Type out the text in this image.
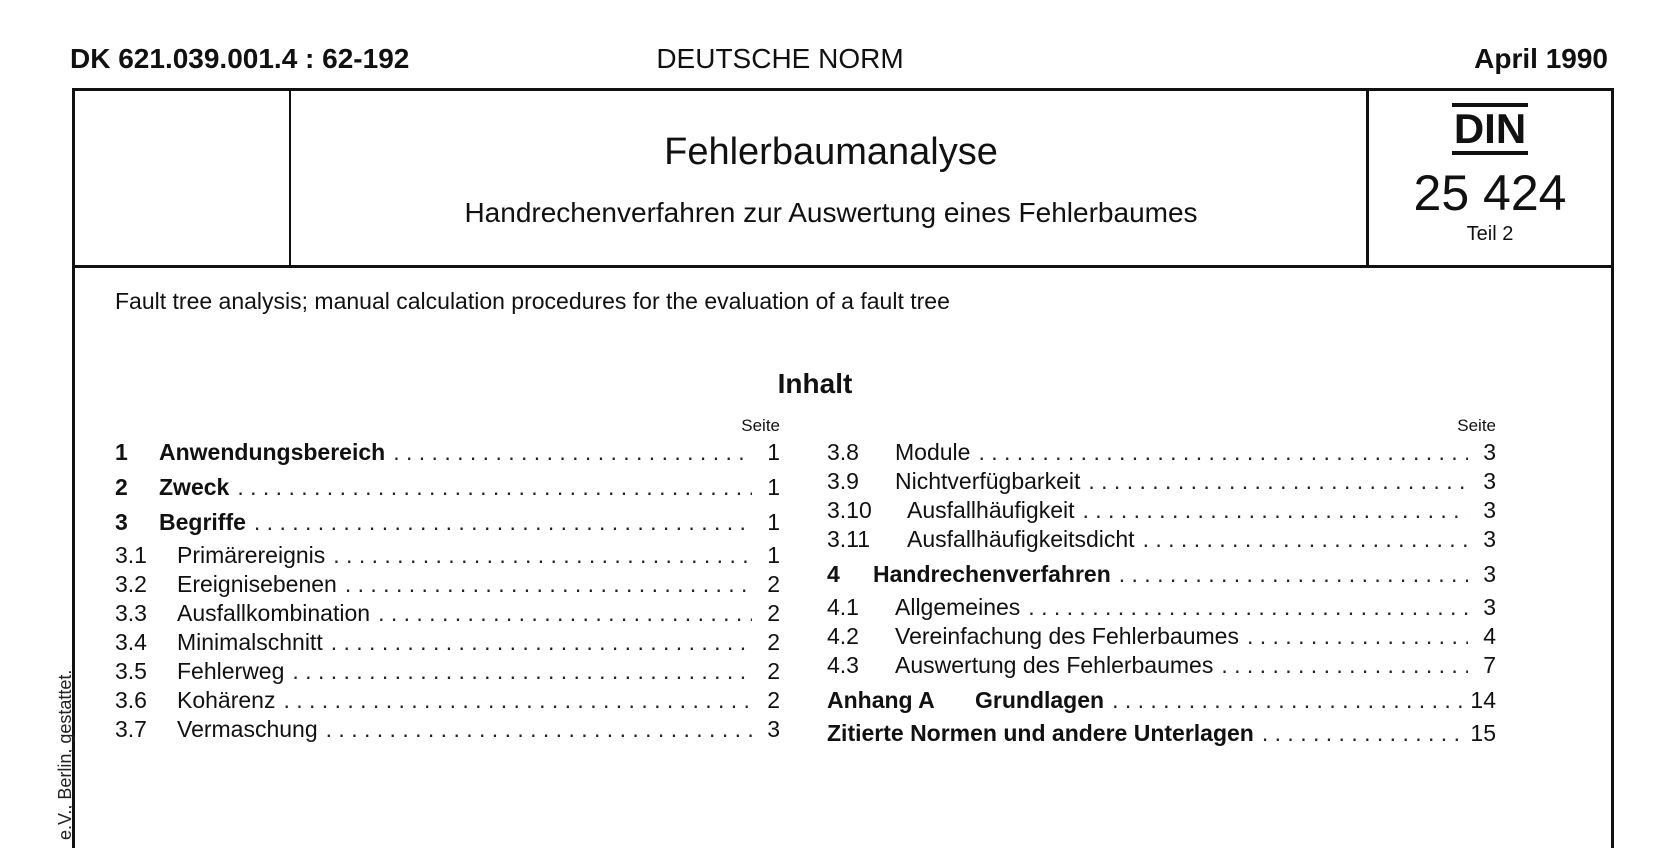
DK 621.039.001.4 : 62-192	DEUTSCHE NORM	April 1990
Fehlerbaumanalyse
Handrechenverfahren zur Auswertung eines Fehlerbaumes
DIN
25 424
Teil 2
Fault tree analysis; manual calculation procedures for the evaluation of a fault tree
Inhalt
Seite
1	Anwendungsbereich . . .	1
2	Zweck . . .	1
3	Begriffe . . .	1
3.1	Primärereignis . . .	1
3.2	Ereignisebenen . . .	2
3.3	Ausfallkombination . . .	2
3.4	Minimalschnitt . . .	2
3.5	Fehlerweg . . .	2
3.6	Kohärenz . . .	2
3.7	Vermaschung . . .	3
Seite
3.8	Module . . .	3
3.9	Nichtverfügbarkeit . . .	3
3.10	Ausfallhäufigkeit . . .	3
3.11	Ausfallhäufigkeitsdicht . . .	3
4	Handrechenverfahren . . .	3
4.1	Allgemeines . . .	3
4.2	Vereinfachung des Fehlerbaumes . . .	4
4.3	Auswertung des Fehlerbaumes . . .	7
Anhang A	Grundlagen . . .	14
Zitierte Normen und andere Unterlagen . . .	15
e.V., Berlin, gestattet.
